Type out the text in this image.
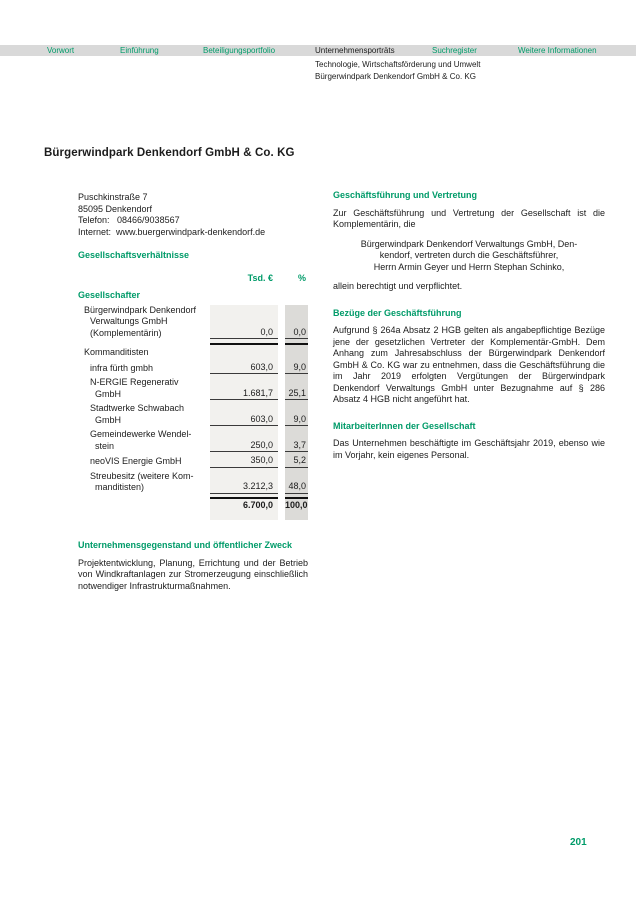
Vorwort	Einführung	Beteiligungsportfolio	Unternehmensporträts	Suchregister	Weitere Informationen
Technologie, Wirtschaftsförderung und Umwelt
Bürgerwindpark Denkendorf GmbH & Co. KG
Bürgerwindpark Denkendorf GmbH & Co. KG
Puschkinstraße 7
85095 Denkendorf
Telefon:   08466/9038567
Internet:  www.buergerwindpark-denkendorf.de
Gesellschaftsverhältnisse
Tsd. €	%
Gesellschafter
Bürgerwindpark Denkendorf
Verwaltungs GmbH
(Komplementärin)	0,0	0,0
Kommanditisten
infra fürth gmbh	603,0	9,0
N-ERGIE Regenerativ
GmbH	1.681,7	25,1
Stadtwerke Schwabach
GmbH	603,0	9,0
Gemeindewerke Wendel-
stein	250,0	3,7
neoVIS Energie GmbH	350,0	5,2
Streubesitz (weitere Kom-
manditisten)	3.212,3	48,0
6.700,0	100,0
Unternehmensgegenstand und öffentlicher Zweck

Projektentwicklung, Planung, Errichtung und der Betrieb von Windkraftanlagen zur Stromerzeugung einschließlich notwendiger Infrastrukturmaßnahmen.

Geschäftsführung und Vertretung

Zur Geschäftsführung und Vertretung der Gesellschaft ist die Komplementärin, die

Bürgerwindpark Denkendorf Verwaltungs GmbH, Den-
kendorf, vertreten durch die Geschäftsführer,
Herrn Armin Geyer und Herrn Stephan Schinko,

allein berechtigt und verpflichtet.

Bezüge der Geschäftsführung

Aufgrund § 264a Absatz 2 HGB gelten als angabepflichtige Bezüge jene der gesetzlichen Vertreter der Komplementär-GmbH. Dem Anhang zum Jahresabschluss der Bürgerwindpark Denkendorf GmbH & Co. KG war zu entnehmen, dass die Geschäftsführung die im Jahr 2019 erfolgten Vergütungen der Bürgerwindpark Denkendorf Verwaltungs GmbH unter Bezugnahme auf § 286 Absatz 4 HGB nicht angeführt hat.

MitarbeiterInnen der Gesellschaft

Das Unternehmen beschäftigte im Geschäftsjahr 2019, ebenso wie im Vorjahr, kein eigenes Personal.

201
